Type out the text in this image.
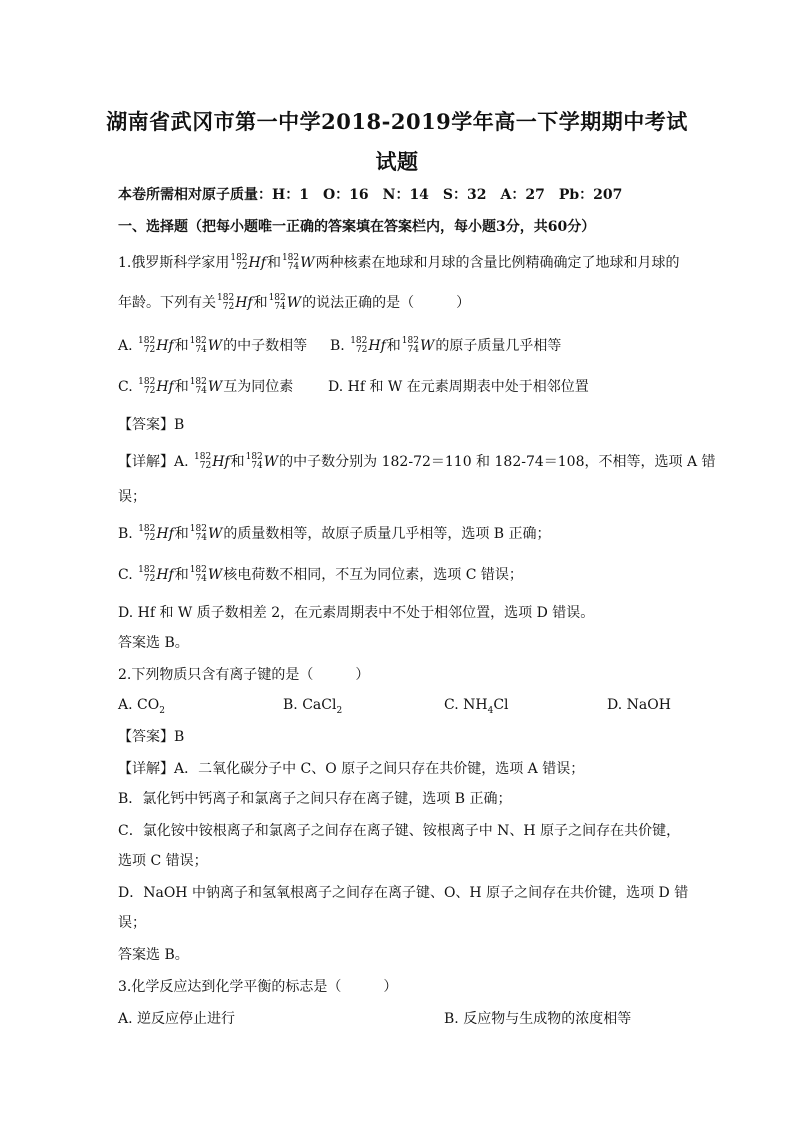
湖南省武冈市第一中学2018-2019学年高一下学期期中考试
试题
本卷所需相对原子质量：H：1　O：16　N：14　S：32　A：27　Pb：207
一、选择题（把每小题唯一正确的答案填在答案栏内，每小题3分，共60分）
1.俄罗斯科学家用 182
72 Hf 和 182
74 W 两种核素在地球和月球的含量比例精确确定了地球和月球的
年龄。下列有关 182
72 Hf 和 182
74 W 的说法正确的是（　　　）
A. 182
72 Hf 和 182
74 W 的中子数相等 B. 182
72 Hf 和 182
74 W 的原子质量几乎相等
C. 182
72 Hf 和 182
74 W 互为同位素 D. Hf 和 W 在元素周期表中处于相邻位置
【答案】B
【详解】A. 182
72 Hf 和 182
74 W 的中子数分别为 182-72＝110 和 182-74＝108，不相等，选项 A 错
误；
B. 182
72 Hf 和 182
74 W 的质量数相等，故原子质量几乎相等，选项 B 正确；
C. 182
72 Hf 和 182
74 W 核电荷数不相同，不互为同位素，选项 C 错误；
D. Hf 和 W 质子数相差 2，在元素周期表中不处于相邻位置，选项 D 错误。
答案选 B。
2.下列物质只含有离子键的是（　　　）
A. $CO_2$	B. CaCl$_2$	C. $NH_4Cl$	D. NaOH
【答案】B
【详解】A．二氧化碳分子中 C、O 原子之间只存在共价键，选项 A 错误；
B．氯化钙中钙离子和氯离子之间只存在离子键，选项 B 正确；
C．氯化铵中铵根离子和氯离子之间存在离子键、铵根离子中 N、H 原子之间存在共价键，
选项 C 错误；
D．NaOH 中钠离子和氢氧根离子之间存在离子键、O、H 原子之间存在共价键，选项 D 错
误；
答案选 B。
3.化学反应达到化学平衡的标志是（　　　）
A. 逆反应停止进行	B. 反应物与生成物的浓度相等
